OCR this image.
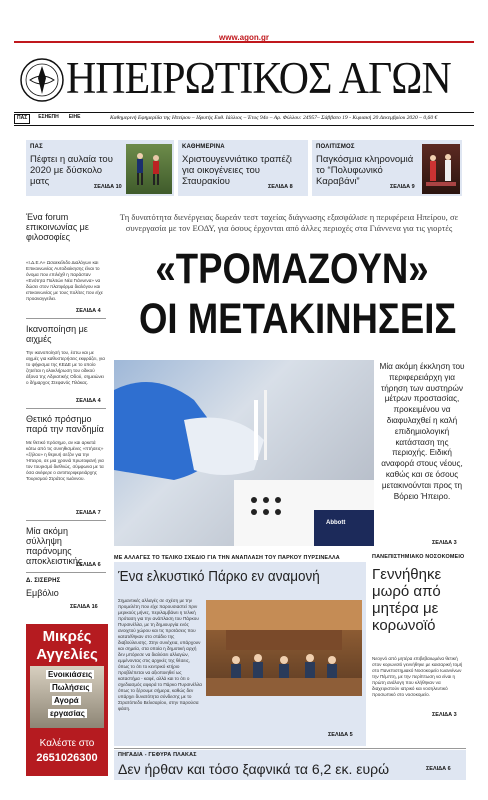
www.agon.gr
ΗΠΕΙΡΩΤΙΚΟΣ ΑΓΩΝ
ΠΑΣ	ΕΣΗΕΠΗ	ΕΙΗΕ	Καθημερινή Εφημερίδα της Ηπείρου – Ιδρυτής Ευθ. Ιάλλιος – Έτος 94ο – Αρ. Φύλλου: 24957– Σάββατο 19 - Κυριακή 20 Δεκεμβρίου 2020 – 0,60 €
ΠΑΣ
Πέφτει η αυλαία του 2020 με δύσκολο ματς	ΣΕΛΙΔΑ 10
ΚΑΘΗΜΕΡΙΝΑ
Χριστουγεννιάτικο τραπέζι για οικογένειες του Σταυρακίου	ΣΕΛΙΔΑ 8
ΠΟΛΙΤΙΣΜΟΣ
Παγκόσμια κληρονομιά το “Πολυφωνικό Καραβάνι”	ΣΕΛΙΔΑ 9
Ένα forum επικοινωνίας με φιλοσοφίες
«Ι.Δ.Ε.Α» Ωσαεκέλιδο Διαλόγων και Επικοινωνίας Αυτοδιοίκησης έίναι το όνομα που επιλέχθ η παράσταν «Ενότητα Πολιτών Νέα Γιάννενα» να δώσει στον πλατφόρμα διαλόγου και επικοινωνίας με τους πολίτες που είχε προαναγγείλει.
ΣΕΛΙΔΑ 4
Ικανοποίηση με αιχμές
Την ικανοποίησή του, έστω και με αιχμές για καθυστερήσεις εκφράζει, για το ψήφισμα της ΚΕΔΕ με το οποίο ζητείται η ολοκλήρωση του οδικού άξονα της Αδριατικής Οδού, σημειώνει ο δήμαρχος Στεφανός Πλάκας.
ΣΕΛΙΔΑ 4
Θετικό πρόσημο παρά την πανδημία
Με θετικό πρόσημο, αν και αρκετά κάτω από τις συνηθισμένες «πτήσεις» «ζήλου» η θεριυή σεζόν για την Ήπειρο, σε μια χρονιά πρωτοφανή για τον τουρισμό διεθνώς, σύμφωνα με τα όσα ανέφερε ο αντιπεριφερειάρχης Τουρισμού Στράτος Ιωάννου.
ΣΕΛΙΔΑ 7
Μία ακόμη σύλληψη παράνομης αποκλειστικής
ΣΕΛΙΔΑ 6
Δ. ΣΙΣΕΡΗΣ
Εμβόλιο
ΣΕΛΙΔΑ 16
Μικρές
Αγγελίες
Ενοικιάσεις
Πωλήσεις
Αγορά
εργασίας
Καλέστε στο
2651026300
Τη δυνατότητα διενέργειας δωρεάν τεστ ταχείας διάγνωσης εξασφάλισε η περιφέρεια Ηπείρου, σε συνεργασία με τον ΕΟΔΥ, για όσους έρχονται από άλλες περιοχές στα Γιάννενα για τις γιορτές
«ΤΡΟΜΑΖΟΥΝ»
ΟΙ ΜΕΤΑΚΙΝΗΣΕΙΣ
Abbott
Μία ακόμη έκκληση του περιφερειάρχη για τήρηση των αυστηρών μέτρων προστασίας, προκειμένου να διαφυλαχθεί η καλή επιδημιολογική κατάσταση της περιοχής. Ειδική αναφορά στους νέους, καθώς και σε όσους μετακινούνται προς τη Βόρειο Ήπειρο.
ΣΕΛΙΔΑ 3
ΜΕ ΑΛΛΑΓΕΣ ΤΟ ΤΕΛΙΚΟ ΣΧΕΔΙΟ ΓΙΑ ΤΗΝ ΑΝΑΠΛΑΣΗ ΤΟΥ ΠΑΡΚΟΥ ΠΥΡΣΙΝΕΛΛΑ
Ένα ελκυστικό Πάρκο εν αναμονή
Σημαντικές αλλαγές σε σχέση με την προμελέτη που είχε παρουσιαστεί πριν μερικούς μήνες, περιλαμβάνει η τελική πρόταση για την ανάπλαση του Πάρκου Πυρσινέλλα, με τη δημιουργία ενός ανοιχτού χώρου και τις προτάσεις που κατατέθηκαν στο στάδιο της διαβούλευσης. Στην συνέχεια, υπάρχουν και σημεία, στα οποία η δημοτική αρχή δεν μπόρεσε να διαλύσει αλλαγών, εμμένοντας στις αρχικές της θέσεις, όπως το ότι το κεντρικό κτήριο προβλέπεται να αξιοποιηθεί ως καταστήμα - καφέ, αλλά και το ότι ο σχεδιασμός αφορά το Πάρκο Πυρσινέλλα όπως το ξέρουμε σήμερα, καθώς δεν υπάρχει δυνατότητα σύνδεσης με το Στρατόπεδο Βελισαρίου, στην παρούσα φάση.
ΣΕΛΙΔΑ 5
ΠΑΝΕΠΙΣΤΗΜΙΑΚΟ ΝΟΣΟΚΟΜΕΙΟ
Γεννήθηκε μωρό από μητέρα με κορωνοϊό
Νεογνό από μητέρα επιβεβαιωμένα θετική στον κορωνοϊό γεννήθηκε με καισαρική τομή στο Πανεπιστημιακό Νοσοκομείο Ιωαννίνων την Πέμπτη, με την περίπτωση να είναι η πρώτη ανάλογη που κλήθηκαν να διαχειριστούν ιατρικό και νοσηλευτικό προσωπικό στο νοσοκομείο.
ΣΕΛΙΔΑ 3
ΠΗΓΑΔΙΑ - ΓΕΦΥΡΑ ΠΛΑΚΑΣ
Δεν ήρθαν και τόσο ξαφνικά τα 6,2 εκ. ευρώ	ΣΕΛΙΔΑ 6
